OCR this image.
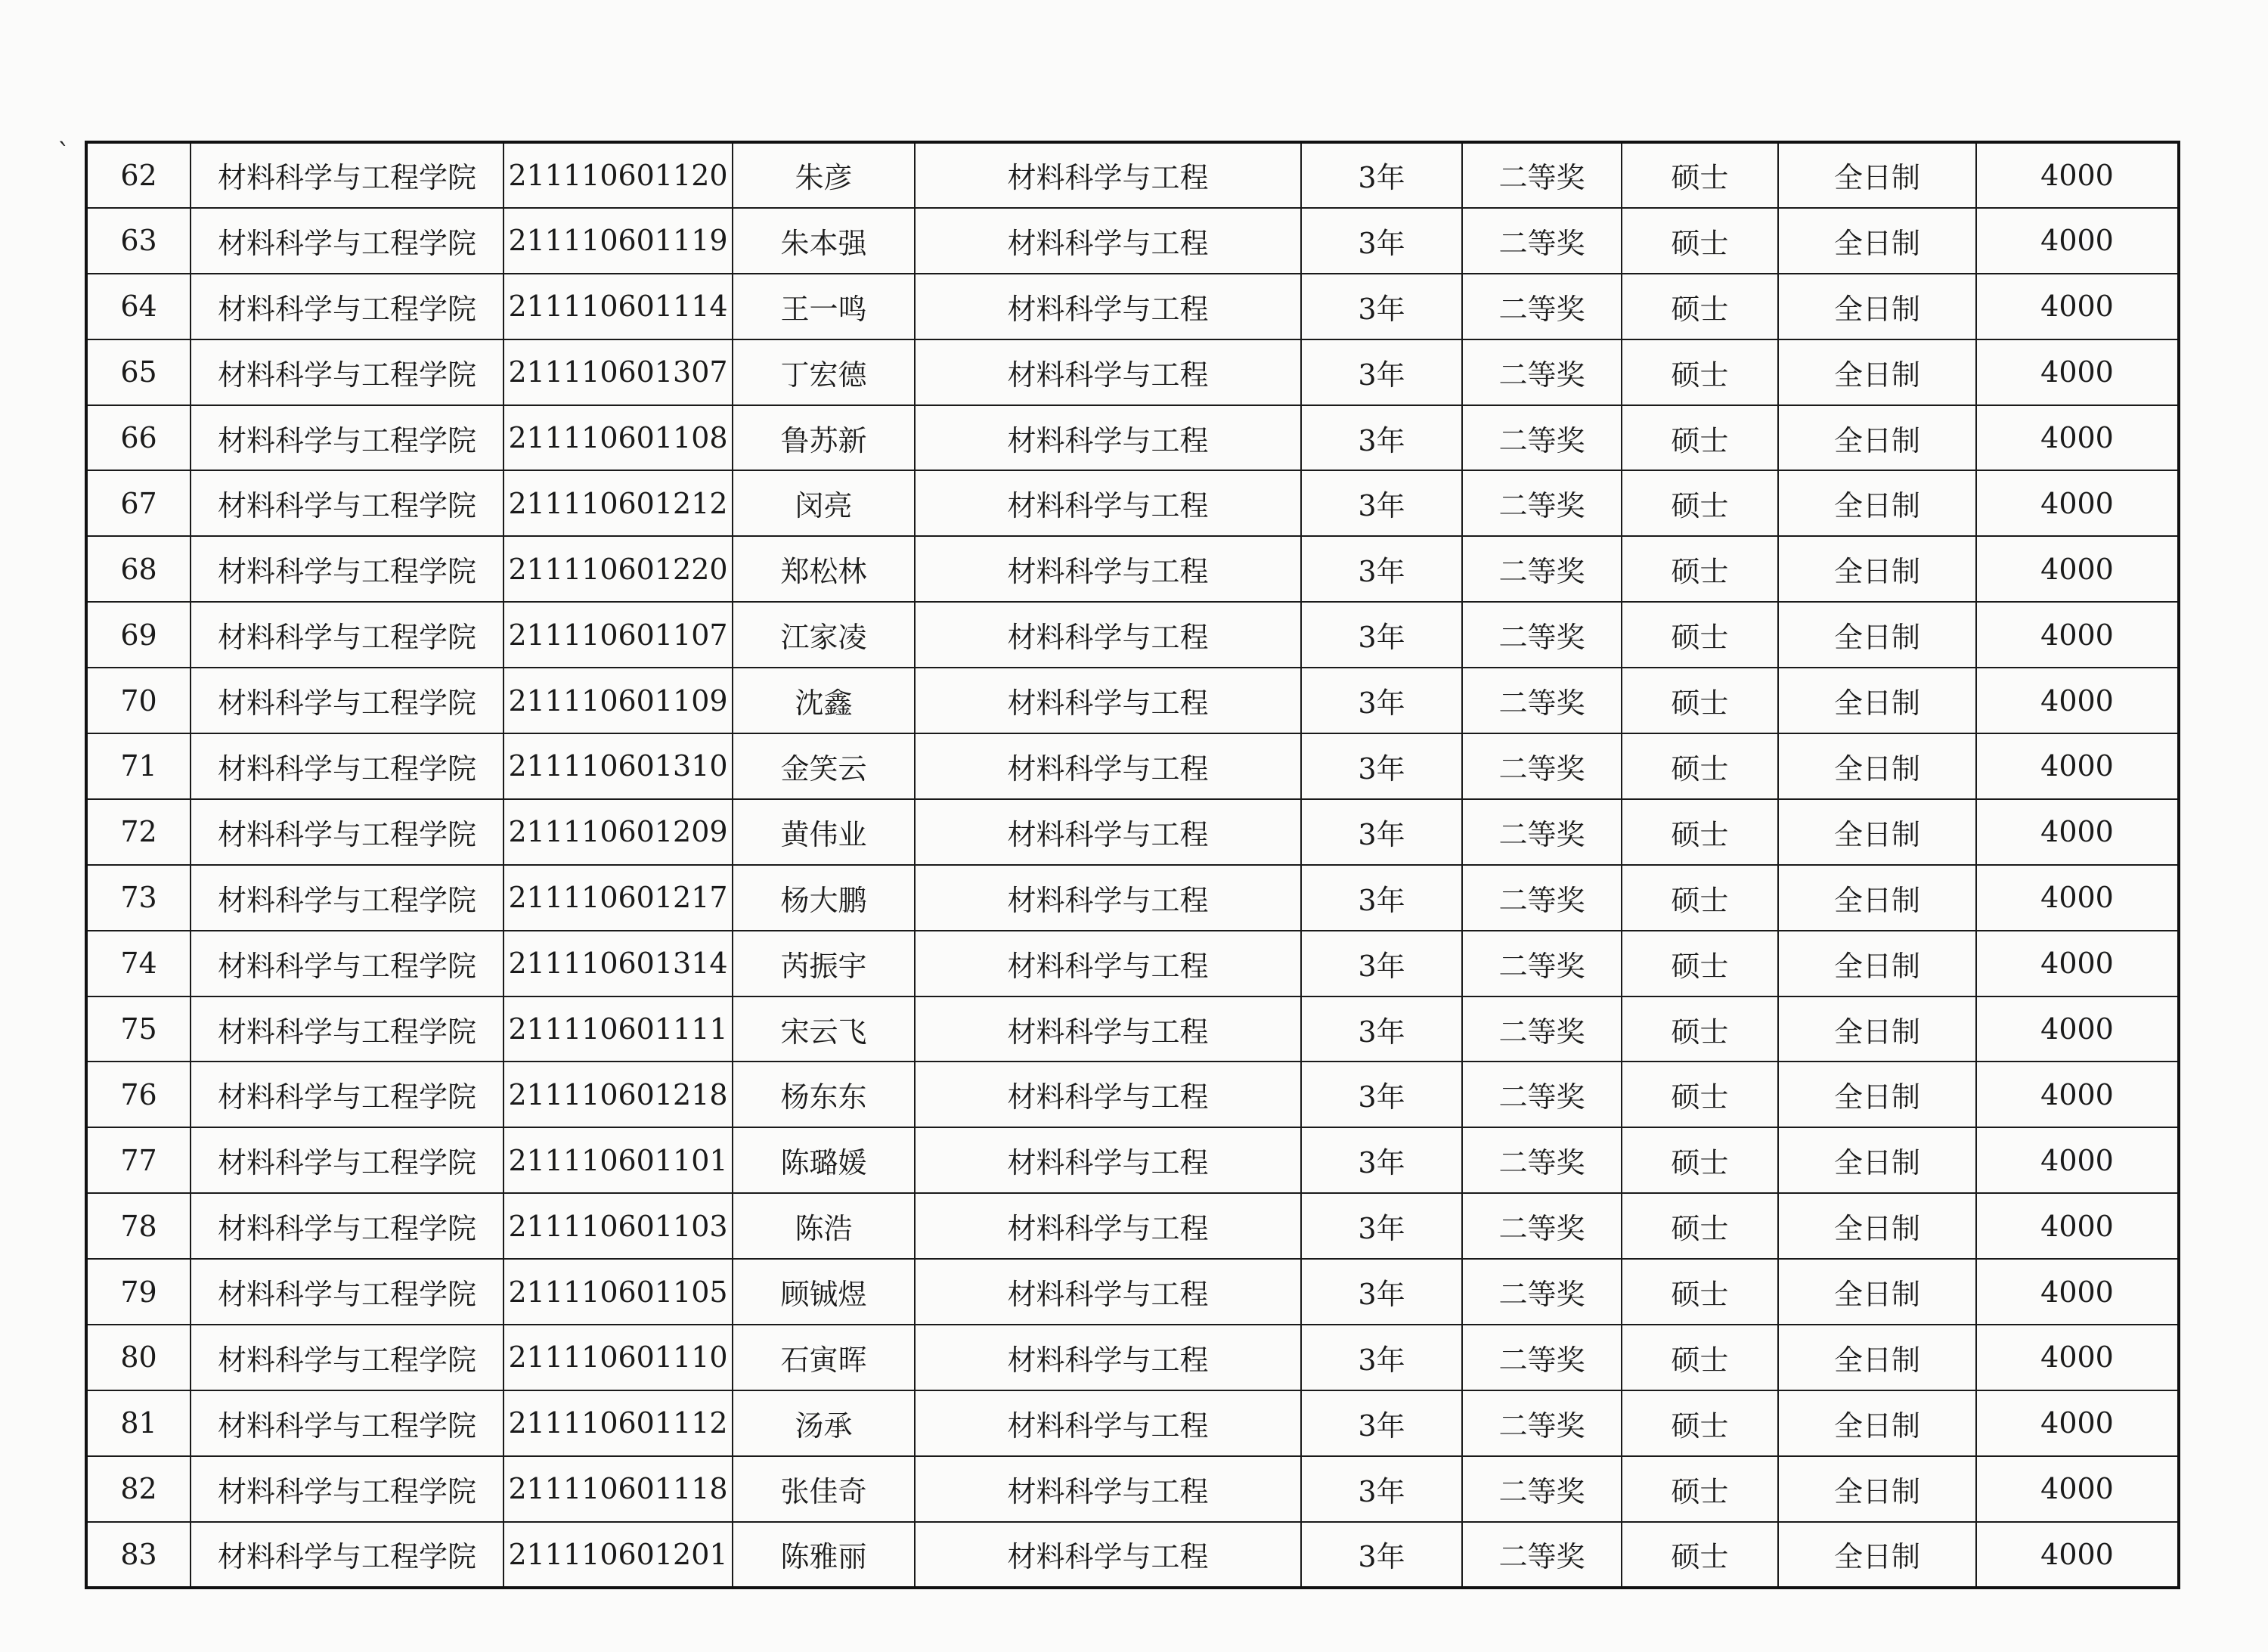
`
62	材料科学与工程学院	211110601120	朱彦	材料科学与工程	3年	二等奖	硕士	全日制	4000
63	材料科学与工程学院	211110601119	朱本强	材料科学与工程	3年	二等奖	硕士	全日制	4000
64	材料科学与工程学院	211110601114	王一鸣	材料科学与工程	3年	二等奖	硕士	全日制	4000
65	材料科学与工程学院	211110601307	丁宏德	材料科学与工程	3年	二等奖	硕士	全日制	4000
66	材料科学与工程学院	211110601108	鲁苏新	材料科学与工程	3年	二等奖	硕士	全日制	4000
67	材料科学与工程学院	211110601212	闵亮	材料科学与工程	3年	二等奖	硕士	全日制	4000
68	材料科学与工程学院	211110601220	郑松林	材料科学与工程	3年	二等奖	硕士	全日制	4000
69	材料科学与工程学院	211110601107	江家凌	材料科学与工程	3年	二等奖	硕士	全日制	4000
70	材料科学与工程学院	211110601109	沈鑫	材料科学与工程	3年	二等奖	硕士	全日制	4000
71	材料科学与工程学院	211110601310	金笑云	材料科学与工程	3年	二等奖	硕士	全日制	4000
72	材料科学与工程学院	211110601209	黄伟业	材料科学与工程	3年	二等奖	硕士	全日制	4000
73	材料科学与工程学院	211110601217	杨大鹏	材料科学与工程	3年	二等奖	硕士	全日制	4000
74	材料科学与工程学院	211110601314	芮振宇	材料科学与工程	3年	二等奖	硕士	全日制	4000
75	材料科学与工程学院	211110601111	宋云飞	材料科学与工程	3年	二等奖	硕士	全日制	4000
76	材料科学与工程学院	211110601218	杨东东	材料科学与工程	3年	二等奖	硕士	全日制	4000
77	材料科学与工程学院	211110601101	陈璐媛	材料科学与工程	3年	二等奖	硕士	全日制	4000
78	材料科学与工程学院	211110601103	陈浩	材料科学与工程	3年	二等奖	硕士	全日制	4000
79	材料科学与工程学院	211110601105	顾铖煜	材料科学与工程	3年	二等奖	硕士	全日制	4000
80	材料科学与工程学院	211110601110	石寅晖	材料科学与工程	3年	二等奖	硕士	全日制	4000
81	材料科学与工程学院	211110601112	汤承	材料科学与工程	3年	二等奖	硕士	全日制	4000
82	材料科学与工程学院	211110601118	张佳奇	材料科学与工程	3年	二等奖	硕士	全日制	4000
83	材料科学与工程学院	211110601201	陈雅丽	材料科学与工程	3年	二等奖	硕士	全日制	4000
